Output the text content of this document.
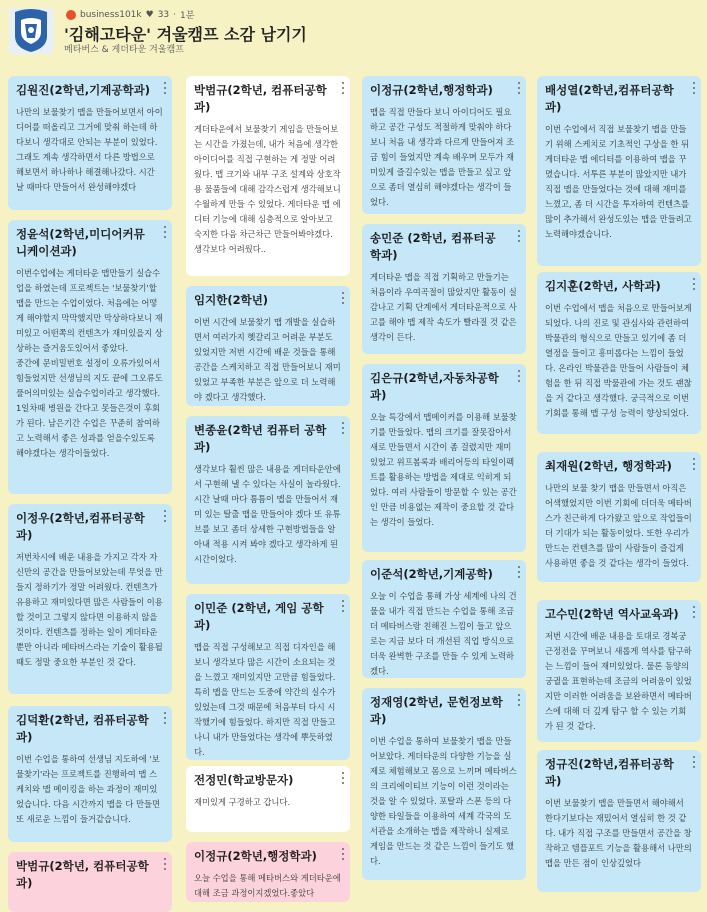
business101k ♥ 33 · 1분
'김해고타운' 겨울캠프 소감 남기기
메타버스 & 게더타운 겨울캠프
김원진(2학년,기계공학과)
나만의 보물찾기 맵을 만들어보면서 아이디어를 떠올리고 그거에 맞춰 하는데 하다보니 생각대로 안되는 부분이 있었다. 그래도 계속 생각하면서 다른 방법으로 해보면서 하나하나 해결해나갔다. 시간 날 때마다 만들어서 완성해야겠다
정윤석(2학년,미디어커뮤니케이션과)
이번수업에는 게더타운 맵만들기 실습수업을 하였는데 프로젝트는 '보물찾기'할 맵을 만드는 수업이었다. 처음에는 어떻게 해야할지 막막했지만 막상하다보니 재미있고 어떤쪽의 컨텐츠가 재미있을지 상상하는 즐거움도있어서 좋았다.
중간에 문비밀번호 설정이 오류가있어서 힘들었지만 선생님의 지도 끝에 그오류도 풀어의미있는 실습수업이라고 생각했다. 1일차때 병원을 간다고 못들은것이 후회가 된다. 남은기간 수업은 꾸준히 참여하고 노력해서 좋은 성과를 얻을수있도록 해야겠다는 생각이들었다.
이정우(2학년,컴퓨터공학과)
저번차시에 배운 내용을 가지고 각자 자신만의 공간을 만들어보았는데 무엇을 만들지 정하기가 정말 어려웠다. 컨텐츠가 유용하고 재미있다면 많은 사람들이 이용할 것이고 그렇지 않다면 이용하지 않을 것이다. 컨텐츠를 정하는 일이 게더타운뿐만 아니라 메타버스라는 기술이 활용될 때도 정말 중요한 부분인 것 같다.
김덕환(2학년, 컴퓨터공학과)
이번 수업을 통하여 선생님 지도하에 '보물찾기'라는 프로젝트를 진행하여 맵 스케치와 맵 메이킹을 하는 과정이 재미있었습니다. 다음 시간까지 맵을 다 만들면 또 새로운 느낌이 들거같습니다.
박범규(2학년, 컴퓨터공학과)
박범규(2학년, 컴퓨터공학과)
게더타운에서 보물찾기 게임을 만들어보는 시간을 가졌는데, 내가 처음에 생각한 아이디어를 직접 구현하는 게 정말 어려웠다. 맵 크기와 내부 구조 설계와 상호작용 물품들에 대해 감각스럽게 생각해보니 수월하게 만들 수 있었다. 게더타운 맵 에디터 기능에 대해 심층적으로 알아보고 숙지한 다음 차근차근 만들어봐야겠다. 생각보다 어려웠다..
임지한(2학년)
이번 시간에 보물찾기 맵 개발을 실습하면서 여러가지 헷갈리고 어려운 부분도 있었지만 저번 시간에 배운 것들을 통해 공간을 스케치하고 직접 만들어보니 재미있었고 부족한 부분은 앞으로 더 노력해야 겠다고 생각했다.
변종윤(2학년 컴퓨터 공학과)
생각보다 훨씬 많은 내용을 게더타운안에서 구현해 낼 수 있다는 사실이 놀라웠다. 시간 날때 마다 틈틈이 맵을 만들어서 재미 있는 탈출 맵을 만들어야 겠다 또 유튜브를 보고 좀더 상세한 구현방법들을 알아내 적용 시켜 봐야 겠다고 생각하게 된 시간이었다.
이민준 (2학년, 게임 공학과)
맵을 직접 구성해보고 직접 디자인을 해보니 생각보다 많은 시간이 소요되는 것을 느꼈고 재미있지만 고만큼 힘들었다. 특히 맵을 만드는 도중에 약간의 실수가 있었는데 그것 때문에 처음부터 다시 시작했기에 힘들었다. 하지만 직접 만들고 나니 내가 만들었다는 생각에 뿌듯하였다.
전정민(학교방문자)
재미있게 구경하고 갑니다.
이정규(2학년,행정학과)
오늘 수업을 통해 메타버스와 게더타운에 대해 조금 과정이지겠었다.좋았다
이정규(2학년,행정학과)
맵을 직접 만들다 보니 아이디어도 필요하고 공간 구성도 적절하게 맞춰야 하다보니 처음 내 생각과 다르게 만들어져 조금 힘이 들었지만 계속 배우며 모두가 재미있게 즐길수있는 맵을 만들고 싶고 앞으로 좀더 열심히 해야겠다는 생각이 들었다.
송민준 (2학년, 컴퓨터공학과)
게더타운 맵을 직접 기획하고 만들기는 처음이라 우여곡절이 많았지만 활동이 실감나고 기획 단계에서 게더타운적으로 사고를 해야 맵 제작 속도가 빨라질 것 같은 생각이 든다.
김은규(2학년,자동차공학과)
오늘 특강에서 맵메이커를 이용해 보물찾기를 만들었다. 맵의 크기를 잘못잡아서 새로 만들면서 시간이 좀 걸렸지만 재미있었고 위프봄록과 배리어등의 타일이펙트를 활용하는 방법을 제대로 익히게 되었다. 여러 사람들이 방문할 수 있는 공간인 만큼 비용없는 제작이 중요할 것 같다는 생각이 들었다.
이준석(2학년,기계공학)
오늘 이 수업을 통해 가상 세계에 나의 건물을 내가 직접 만드는 수업을 통해 조금 더 메타버스랑 친해진 느낌이 들고 앞으로는 지금 보다 더 개선된 직업 방식으로 더욱 완벽한 구조를 만들 수 있게 노력하겠다.
정재영(2학년, 문헌정보학과)
이번 수업을 통하여 보물찾기 맵을 만들어보았다. 게더타운의 다양한 기능을 실제로 체험해보고 몸으로 느끼며 메타버스의 크리에이티브 기능이 이런 것이라는 것을 알 수 있었다. 포탈과 스폰 등의 다양한 타일들을 이용하여 세계 각국의 도서관을 소개하는 맵을 제작하니 실제로 게임을 만드는 것 같은 느낌이 들기도 했다.
배성열(2학년,컴퓨터공학과)
이번 수업에서 직접 보물찾기 맵을 만들기 위해 스케치로 기초적인 구상을 한 뒤 게더타운 맵 에디터를 이용하여 맵을 꾸몄습니다. 서투른 부분이 많았지만 내가 직접 맵을 만들었다는 것에 대해 재미를 느꼈고, 좀 더 시간을 투자하여 컨텐츠를 많이 추가해서 완성도있는 맵을 만들려고 노력해야겠습니다.
김지훈(2학년, 사학과)
이번 수업에서 맵을 처음으로 만들어보게 되었다. 나의 진로 및 관심사와 관련하여 박물관의 형식으로 만들고 있기에 좀 더 열정을 들이고 흥미롭다는 느낌이 들었다. 온라인 박물관을 만들어 사람들이 체험을 한 뒤 직접 박물관에 가는 것도 괜찮을 거 같다고 생각했다. 궁극적으로 이번 기회를 통해 맵 구성 능력이 향상되었다.
최재원(2학년, 행정학과)
나만의 보물 찾기 맵을 만들면서 아직은 어색했었지만 이번 기회에 더더욱 메타버스가 친근하게 다가왔고 앞으로 작업들이 더 기대가 되는 활동이었다. 또한 우리가 만드는 컨텐츠를 많이 사람들이 즐겁게 사용하면 좋을 것 같다는 생각이 들었다.
고수민(2학년 역사교육과)
저번 시간에 배운 내용을 토대로 경복궁 근정전을 꾸며보니 새롭게 역사를 탐구하는 느낌이 들어 재미있었다. 물론 동양의 궁궐을 표현하는데 조금의 어려움이 있었지만 이러한 어려움을 보완하면서 메타버스에 대해 더 깊게 탐구 할 수 있는 기회가 된 것 같다.
정규진(2학년,컴퓨터공학과)
이번 보물찾기 맵을 만들면서 해야해서 한다기보다는 재밌어서 열심히 한 것 같다. 내가 직접 구조를 만들면서 공간을 창작하고 템플포트 기능을 활용해서 나만의 맵을 만든 점이 인상깊었다
